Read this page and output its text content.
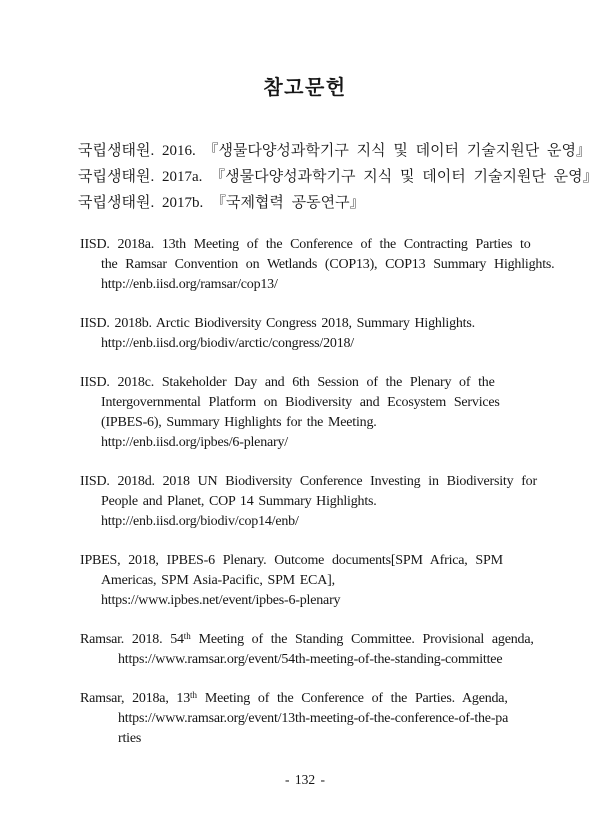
참고문헌
국립생태원. 2016. 『생물다양성과학기구 지식 및 데이터 기술지원단 운영』
국립생태원. 2017a. 『생물다양성과학기구 지식 및 데이터 기술지원단 운영』
국립생태원. 2017b. 『국제협력 공동연구』
IISD. 2018a. 13th Meeting of the Conference of the Contracting Parties to
the Ramsar Convention on Wetlands (COP13), COP13 Summary Highlights.
http://enb.iisd.org/ramsar/cop13/
IISD. 2018b. Arctic Biodiversity Congress 2018, Summary Highlights.
http://enb.iisd.org/biodiv/arctic/congress/2018/
IISD. 2018c. Stakeholder Day and 6th Session of the Plenary of the
Intergovernmental Platform on Biodiversity and Ecosystem Services
(IPBES-6), Summary Highlights for the Meeting.
http://enb.iisd.org/ipbes/6-plenary/
IISD. 2018d. 2018 UN Biodiversity Conference Investing in Biodiversity for
People and Planet, COP 14 Summary Highlights.
http://enb.iisd.org/biodiv/cop14/enb/
IPBES, 2018, IPBES-6 Plenary. Outcome documents[SPM Africa, SPM
Americas, SPM Asia-Pacific, SPM ECA],
https://www.ipbes.net/event/ipbes-6-plenary
Ramsar. 2018. 54th Meeting of the Standing Committee. Provisional agenda,
https://www.ramsar.org/event/54th-meeting-of-the-standing-committee
Ramsar, 2018a, 13th Meeting of the Conference of the Parties. Agenda,
https://www.ramsar.org/event/13th-meeting-of-the-conference-of-the-pa
rties
- 132 -
